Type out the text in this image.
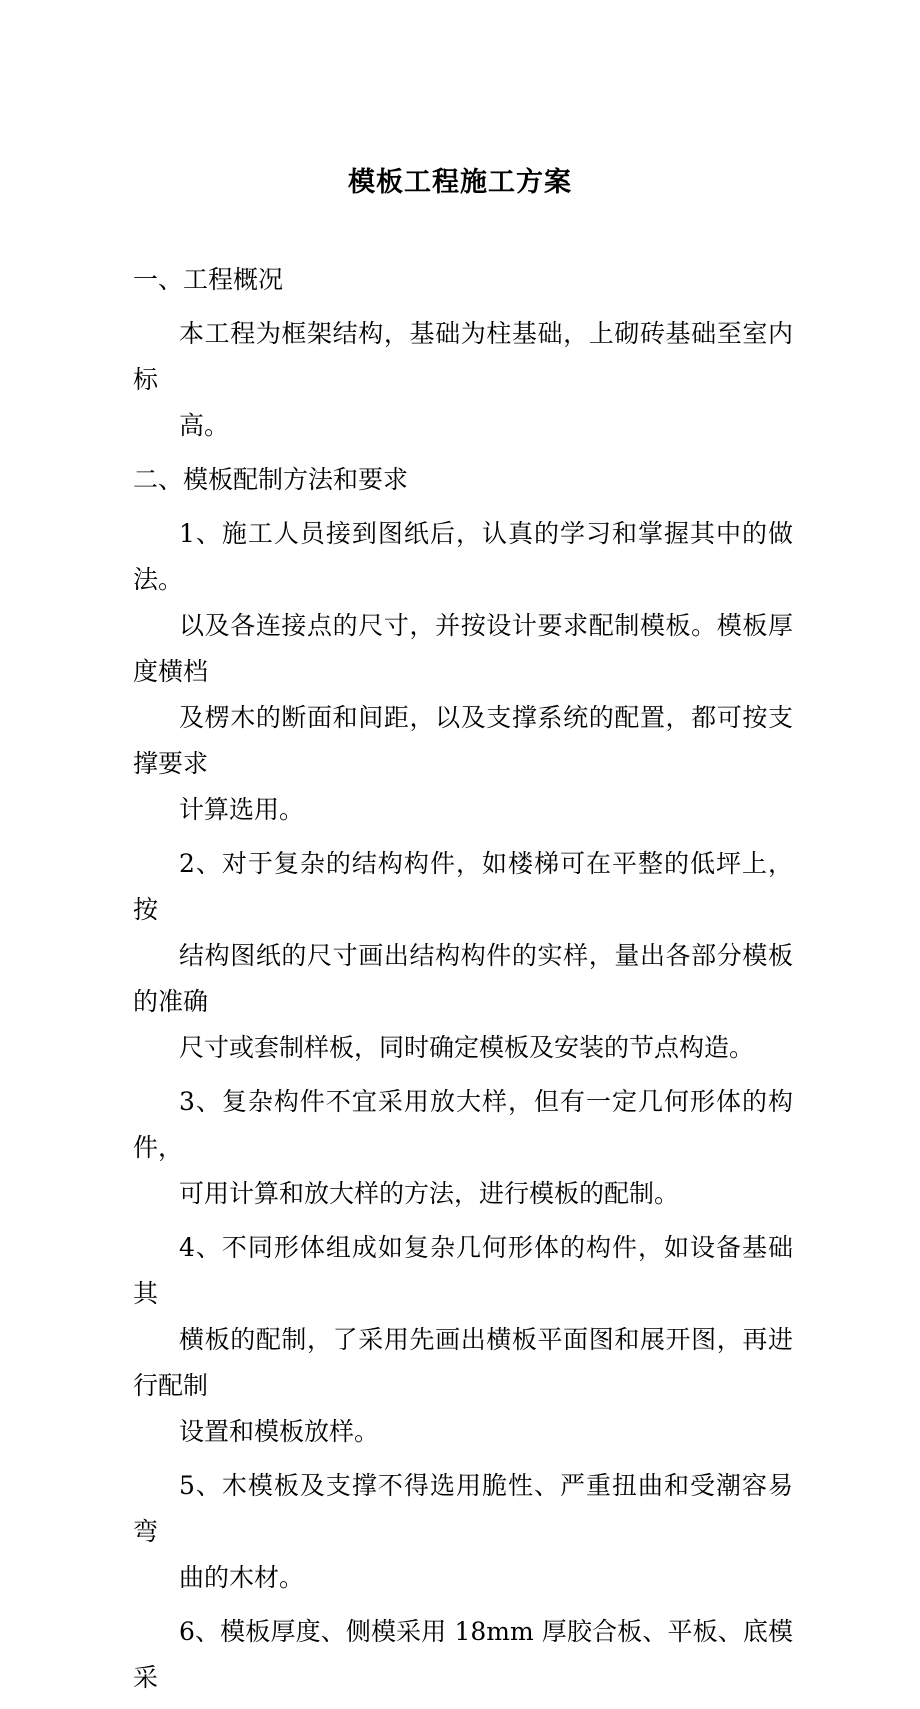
模板工程施工方案
一、工程概况
本工程为框架结构，基础为柱基础，上砌砖基础至室内标
高。
二、模板配制方法和要求
1、施工人员接到图纸后，认真的学习和掌握其中的做法。
以及各连接点的尺寸，并按设计要求配制模板。模板厚度横档
及楞木的断面和间距，以及支撑系统的配置，都可按支撑要求
计算选用。
2、对于复杂的结构构件，如楼梯可在平整的低坪上，按
结构图纸的尺寸画出结构构件的实样，量出各部分模板的准确
尺寸或套制样板，同时确定模板及安装的节点构造。
3、复杂构件不宜采用放大样，但有一定几何形体的构件，
可用计算和放大样的方法，进行模板的配制。
4、不同形体组成如复杂几何形体的构件，如设备基础其
横板的配制，了采用先画出横板平面图和展开图，再进行配制
设置和模板放样。
5、木模板及支撑不得选用脆性、严重扭曲和受潮容易弯
曲的木材。
6、模板厚度、侧模采用 18mm 厚胶合板、平板、底模采
